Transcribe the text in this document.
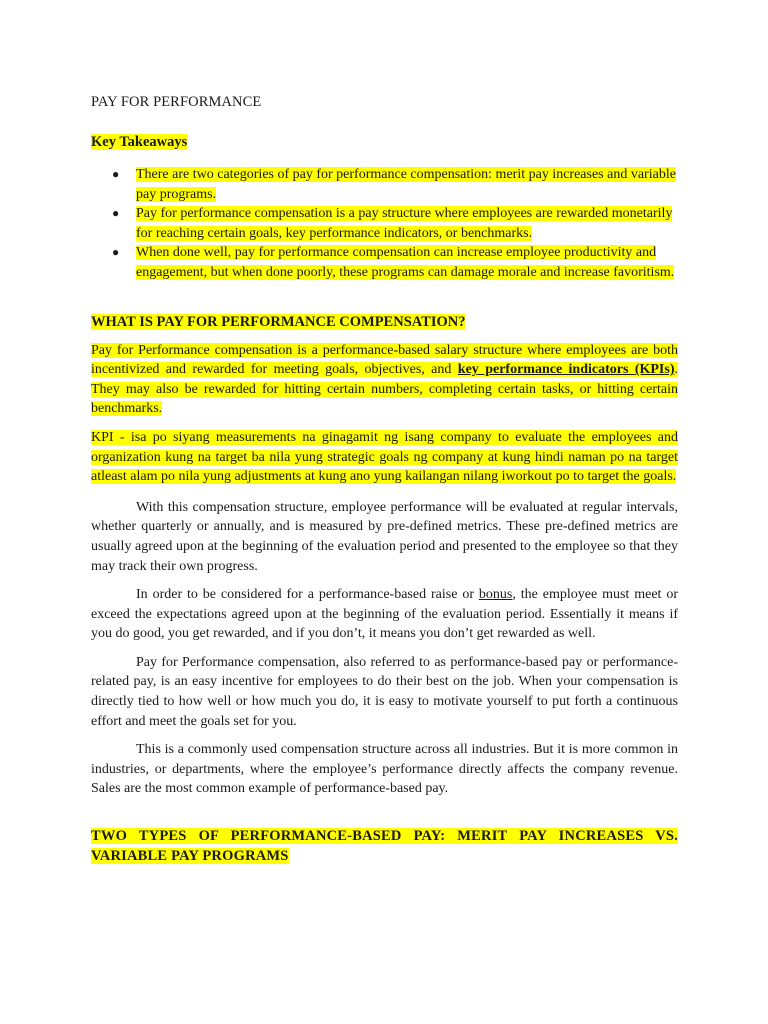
PAY FOR PERFORMANCE

Key Takeaways

● There are two categories of pay for performance compensation: merit pay increases and variable pay programs.
● Pay for performance compensation is a pay structure where employees are rewarded monetarily for reaching certain goals, key performance indicators, or benchmarks.
● When done well, pay for performance compensation can increase employee productivity and engagement, but when done poorly, these programs can damage morale and increase favoritism.

WHAT IS PAY FOR PERFORMANCE COMPENSATION?

Pay for Performance compensation is a performance-based salary structure where employees are both incentivized and rewarded for meeting goals, objectives, and key performance indicators (KPIs). They may also be rewarded for hitting certain numbers, completing certain tasks, or hitting certain benchmarks.

KPI - isa po siyang measurements na ginagamit ng isang company to evaluate the employees and organization kung na target ba nila yung strategic goals ng company at kung hindi naman po na target atleast alam po nila yung adjustments at kung ano yung kailangan nilang iworkout po to target the goals.

With this compensation structure, employee performance will be evaluated at regular intervals, whether quarterly or annually, and is measured by pre-defined metrics. These pre-defined metrics are usually agreed upon at the beginning of the evaluation period and presented to the employee so that they may track their own progress.

In order to be considered for a performance-based raise or bonus, the employee must meet or exceed the expectations agreed upon at the beginning of the evaluation period. Essentially it means if you do good, you get rewarded, and if you don’t, it means you don’t get rewarded as well.

Pay for Performance compensation, also referred to as performance-based pay or performance-related pay, is an easy incentive for employees to do their best on the job. When your compensation is directly tied to how well or how much you do, it is easy to motivate yourself to put forth a continuous effort and meet the goals set for you.

This is a commonly used compensation structure across all industries. But it is more common in industries, or departments, where the employee’s performance directly affects the company revenue. Sales are the most common example of performance-based pay.

TWO TYPES OF PERFORMANCE-BASED PAY: MERIT PAY INCREASES VS. VARIABLE PAY PROGRAMS
